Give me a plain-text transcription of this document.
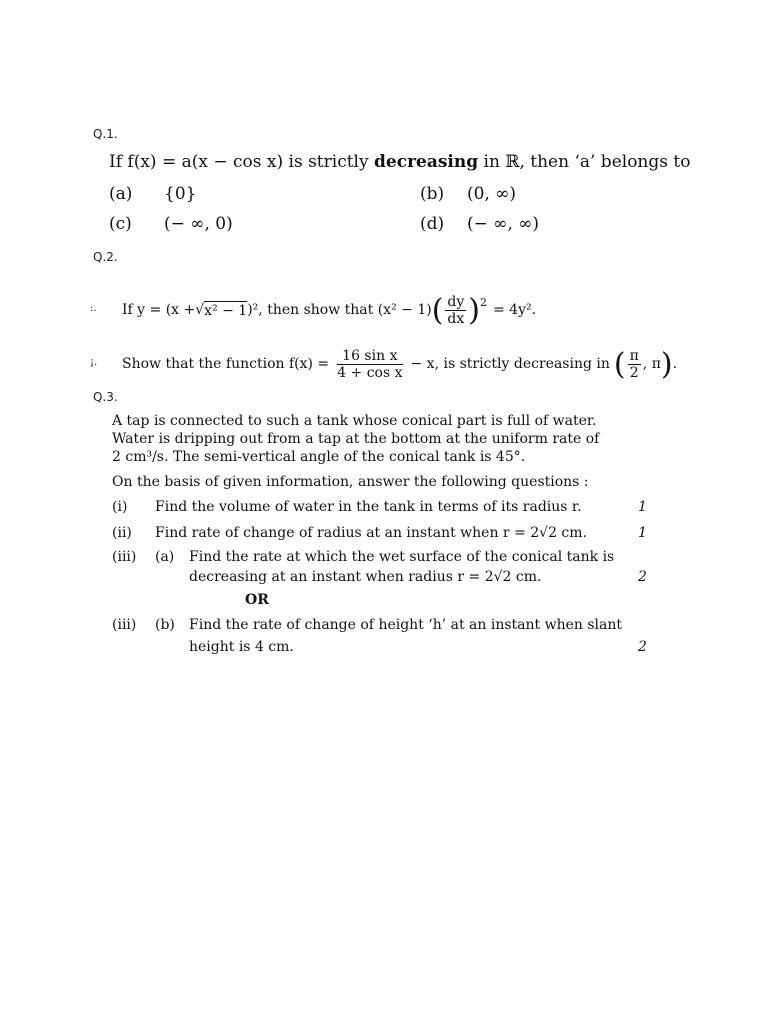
Q.1.
If f(x) = a(x − cos x) is strictly decreasing in ℝ, then ‘a’ belongs to
(a) {0}	(b) (0, ∞)
(c) (− ∞, 0)	(d) (− ∞, ∞)
Q.2.
:. If y = (x + √ x² − 1 )², then show that (x² − 1) ( $\frac{dy}{dx} )^2 = 4y^2$.
¡. Show that the function $f(x) = \frac{\text{16 sin x}}{\text{4 + cos x}} - x$, is strictly decreasing in ( $\frac{\pi}{2}$ , π ) .
Q.3.
A tap is connected to such a tank whose conical part is full of water.
Water is dripping out from a tap at the bottom at the uniform rate of
2 cm³/s. The semi-vertical angle of the conical tank is 45°.
On the basis of given information, answer the following questions :
(i) Find the volume of water in the tank in terms of its radius r.	1
(ii) Find rate of change of radius at an instant when r = 2√2 cm.	1
(iii) (a) Find the rate at which the wet surface of the conical tank is
decreasing at an instant when radius r = 2√2 cm.	2
OR
(iii) (b) Find the rate of change of height ‘h’ at an instant when slant
height is 4 cm.	2
